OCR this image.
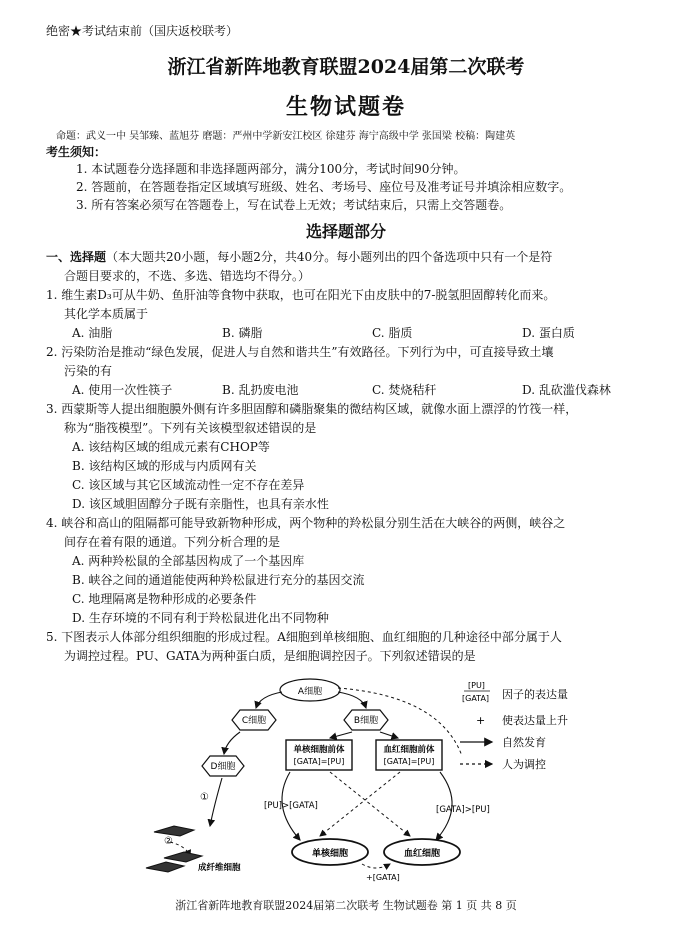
绝密★考试结束前（国庆返校联考）
浙江省新阵地教育联盟2024届第二次联考
生物试题卷
命题：武义一中 吴邹臻、蓝旭芬 磨题：严州中学新安江校区 徐建芬 海宁高级中学 张国梁 校稿：陶建英
考生须知：
1. 本试题卷分选择题和非选择题两部分，满分100分，考试时间90分钟。
2. 答题前，在答题卷指定区域填写班级、姓名、考场号、座位号及准考证号并填涂相应数字。
3. 所有答案必须写在答题卷上，写在试卷上无效；考试结束后，只需上交答题卷。
选择题部分
一、选择题（本大题共20小题，每小题2分，共40分。每小题列出的四个备选项中只有一个是符
合题目要求的，不选、多选、错选均不得分。）
1. 维生素D₃可从牛奶、鱼肝油等食物中获取，也可在阳光下由皮肤中的7-脱氢胆固醇转化而来。
其化学本质属于
A. 油脂	B. 磷脂	C. 脂质	D. 蛋白质
2. 污染防治是推动“绿色发展，促进人与自然和谐共生”有效路径。下列行为中，可直接导致土壤
污染的有
A. 使用一次性筷子	B. 乱扔废电池	C. 焚烧秸秆	D. 乱砍滥伐森林
3. 西蒙斯等人提出细胞膜外侧有许多胆固醇和磷脂聚集的微结构区域，就像水面上漂浮的竹筏一样，
称为“脂筏模型”。下列有关该模型叙述错误的是
A. 该结构区域的组成元素有CHOP等
B. 该结构区域的形成与内质网有关
C. 该区域与其它区域流动性一定不存在差异
D. 该区域胆固醇分子既有亲脂性，也具有亲水性
4. 峡谷和高山的阻隔都可能导致新物种形成，两个物种的羚松鼠分别生活在大峡谷的两侧，峡谷之
间存在着有限的通道。下列分析合理的是
A. 两种羚松鼠的全部基因构成了一个基因库
B. 峡谷之间的通道能使两种羚松鼠进行充分的基因交流
C. 地理隔离是物种形成的必要条件
D. 生存环境的不同有利于羚松鼠进化出不同物种
5. 下图表示人体部分组织细胞的形成过程。A细胞到单核细胞、血红细胞的几种途径中部分属于人
为调控过程。PU、GATA为两种蛋白质，是细胞调控因子。下列叙述错误的是
A细胞
C细胞	B细胞
D细胞
单核细胞前体
[GATA]=[PU]
血红细胞前体
[GATA]=[PU]
[PU]>[GATA]	[GATA]>[PU]
单核细胞	血红细胞
+[GATA]
①
②
成纤维细胞
[PU]
[GATA] 因子的表达量
+ 使表达量上升
自然发育
人为调控
浙江省新阵地教育联盟2024届第二次联考 生物试题卷 第 1 页 共 8 页
